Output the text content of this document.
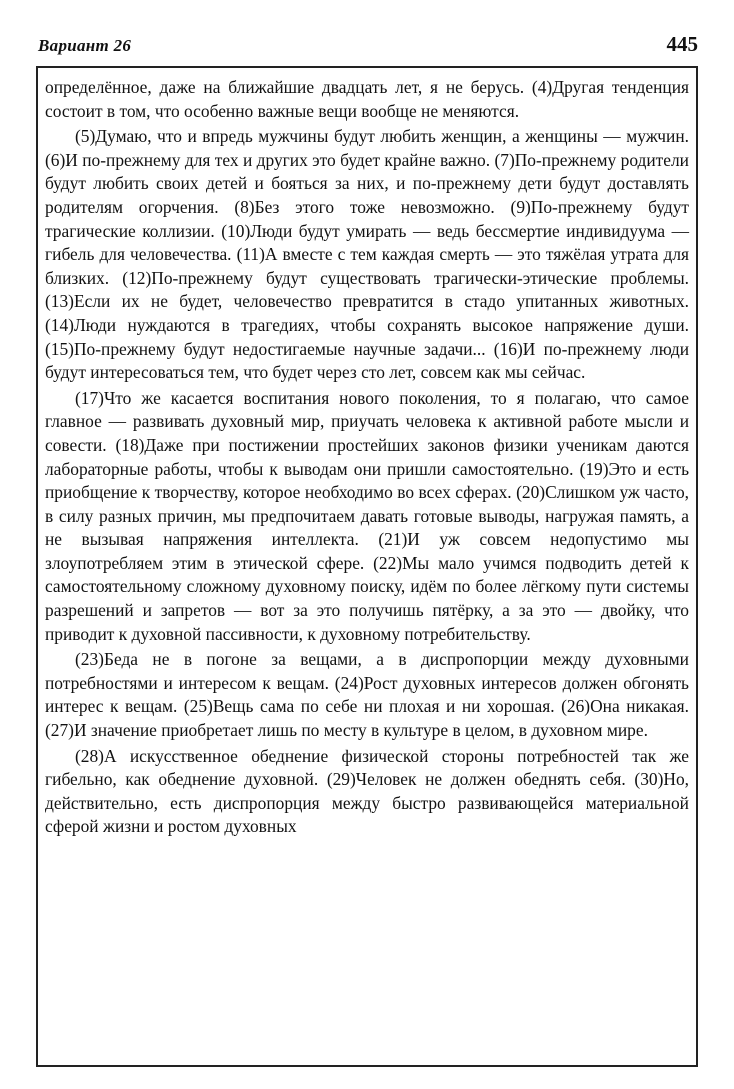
Вариант 26	445

определённое, даже на ближайшие двадцать лет, я не берусь. (4)Другая тенденция состоит в том, что особенно важные вещи вообще не меняются.

(5)Думаю, что и впредь мужчины будут любить женщин, а женщины — мужчин. (6)И по-прежнему для тех и других это будет крайне важно. (7)По-прежнему родители будут любить своих детей и бояться за них, и по-прежнему дети будут доставлять родителям огорчения. (8)Без этого тоже невозможно. (9)По-прежнему будут трагические коллизии. (10)Люди будут умирать — ведь бессмертие индивидуума — гибель для человечества. (11)А вместе с тем каждая смерть — это тяжёлая утрата для близких. (12)По-прежнему будут существовать трагически-этические проблемы. (13)Если их не будет, человечество превратится в стадо упитанных животных. (14)Люди нуждаются в трагедиях, чтобы сохранять высокое напряжение души. (15)По-прежнему будут недостигаемые научные задачи... (16)И по-прежнему люди будут интересоваться тем, что будет через сто лет, совсем как мы сейчас.

(17)Что же касается воспитания нового поколения, то я полагаю, что самое главное — развивать духовный мир, приучать человека к активной работе мысли и совести. (18)Даже при постижении простейших законов физики ученикам даются лабораторные работы, чтобы к выводам они пришли самостоятельно. (19)Это и есть приобщение к творчеству, которое необходимо во всех сферах. (20)Слишком уж часто, в силу разных причин, мы предпочитаем давать готовые выводы, нагружая память, а не вызывая напряжения интеллекта. (21)И уж совсем недопустимо мы злоупотребляем этим в этической сфере. (22)Мы мало учимся подводить детей к самостоятельному сложному духовному поиску, идём по более лёгкому пути системы разрешений и запретов — вот за это получишь пятёрку, а за это — двойку, что приводит к духовной пассивности, к духовному потребительству.

(23)Беда не в погоне за вещами, а в диспропорции между духовными потребностями и интересом к вещам. (24)Рост духовных интересов должен обгонять интерес к вещам. (25)Вещь сама по себе ни плохая и ни хорошая. (26)Она никакая. (27)И значение приобретает лишь по месту в культуре в целом, в духовном мире.

(28)А искусственное обеднение физической стороны потребностей так же гибельно, как обеднение духовной. (29)Человек не должен обеднять себя. (30)Но, действительно, есть диспропорция между быстро развивающейся материальной сферой жизни и ростом духовных
